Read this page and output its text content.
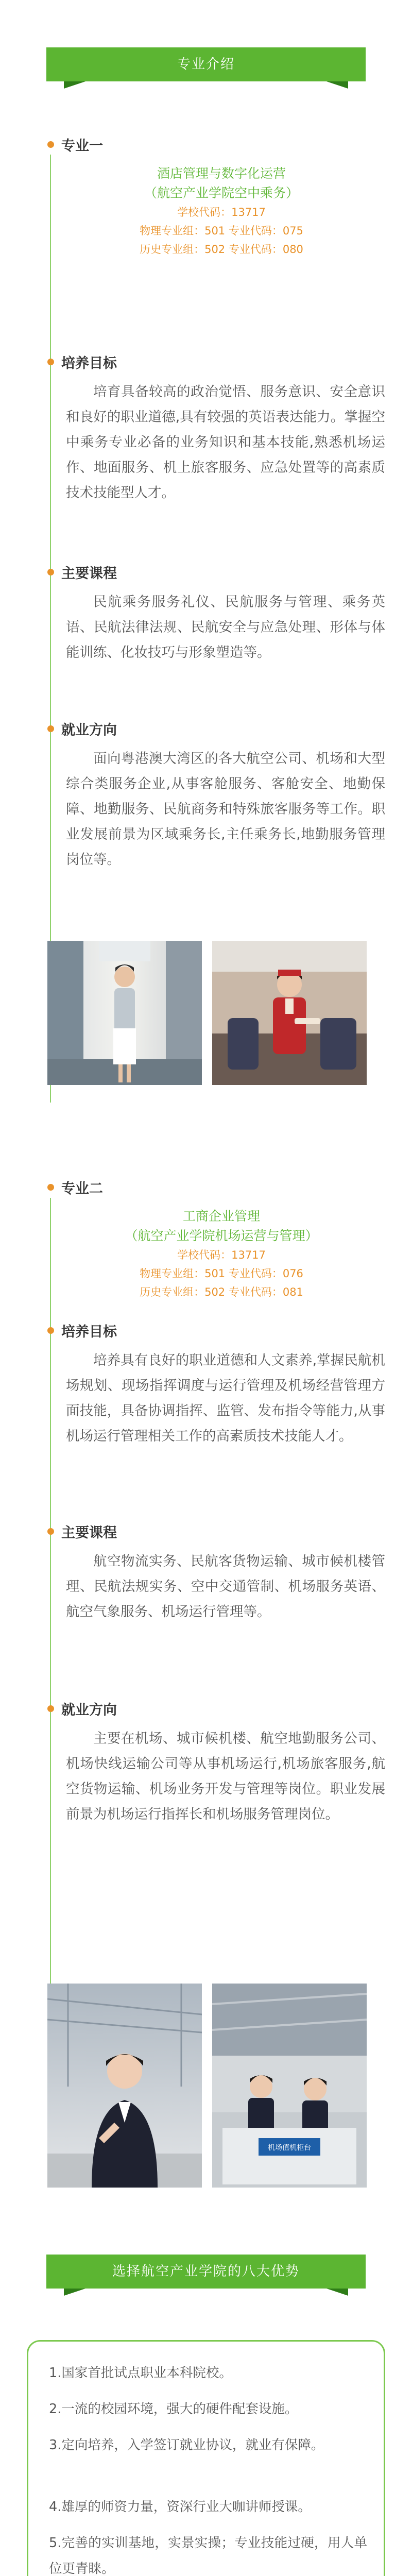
专业介绍
专业一
酒店管理与数字化运营
（航空产业学院空中乘务）
学校代码：13717
物理专业组：501 专业代码：075
历史专业组：502 专业代码：080
培养目标
培育具备较高的政治觉悟、服务意识、安全意识和良好的职业道德,具有较强的英语表达能力。掌握空中乘务专业必备的业务知识和基本技能,熟悉机场运作、地面服务、机上旅客服务、应急处置等的高素质技术技能型人才。
主要课程
民航乘务服务礼仪、民航服务与管理、乘务英语、民航法律法规、民航安全与应急处理、形体与体能训练、化妆技巧与形象塑造等。
就业方向
面向粤港澳大湾区的各大航空公司、机场和大型综合类服务企业,从事客舱服务、客舱安全、地勤保障、地勤服务、民航商务和特殊旅客服务等工作。职业发展前景为区域乘务长,主任乘务长,地勤服务管理岗位等。
专业二
工商企业管理
（航空产业学院机场运营与管理）
学校代码：13717
物理专业组：501 专业代码：076
历史专业组：502 专业代码：081
培养目标
培养具有良好的职业道德和人文素养,掌握民航机场规划、现场指挥调度与运行管理及机场经营管理方面技能，具备协调指挥、监管、发布指令等能力,从事机场运行管理相关工作的高素质技术技能人才。
主要课程
航空物流实务、民航客货物运输、城市候机楼管理、民航法规实务、空中交通管制、机场服务英语、航空气象服务、机场运行管理等。
就业方向
主要在机场、城市候机楼、航空地勤服务公司、机场快线运输公司等从事机场运行,机场旅客服务,航空货物运输、机场业务开发与管理等岗位。职业发展前景为机场运行指挥长和机场服务管理岗位。
机场值机柜台
选择航空产业学院的八大优势
1.国家首批试点职业本科院校。
2.一流的校园环境，强大的硬件配套设施。
3.定向培养，入学签订就业协议，就业有保障。
4.雄厚的师资力量，资深行业大咖讲师授课。
5.完善的实训基地，实景实操；专业技能过硬，用人单位更青睐。
